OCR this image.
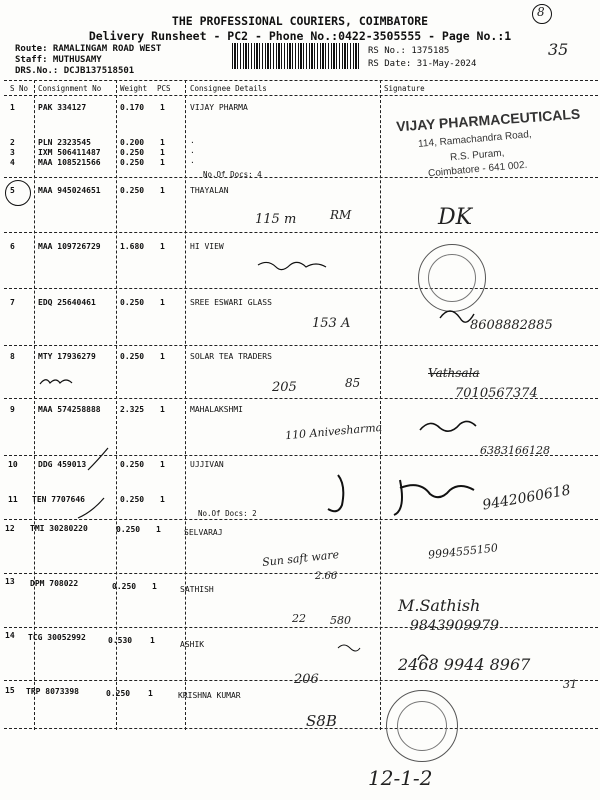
THE PROFESSIONAL COURIERS, COIMBATORE
Delivery Runsheet - PC2 - Phone No.:0422-3505555 - Page No.:1
Route: RAMALINGAM ROAD WEST
Staff: MUTHUSAMY
DRS.No.: DCJB137518501
RS No.: 1375185
RS Date: 31-May-2024
8
35
S No Consignment No	Weight PCS	Consignee Details	Signature
1	PAK 334127	0.170 1	VIJAY PHARMA
2	PLN 2323545	0.200 1	.
3	IXM 506411487 0.250 1	.
4	MAA 108521566 0.250 1	.
No.Of Docs: 4
5	MAA 945024651 0.250 1	THAYALAN
6	MAA 109726729 1.680 1	HI VIEW
7	EDQ 25640461	0.250 1	SREE ESWARI GLASS
8	MTY 17936279	0.250 1	SOLAR TEA TRADERS
9	MAA 574258888 2.325 1	MAHALAKSHMI
10	DDG 459013	0.250 1	UJJIVAN
11 TEN 7707646	0.250 1
No.Of Docs: 2
12 TMI 30280220	0.250 1	SELVARAJ
13 DPM 708022	0.250 1	SATHISH
14 TCG 30052992	0.530 1	ASHIK
15 TRP 8073398	0.250 1	KRISHNA KUMAR
VIJAY PHARMACEUTICALS
114, Ramachandra Road,
R.S. Puram,
Coimbatore - 641 002.
115 m	RM	DK
153 A	8608882885
205	85
Vathsala
7010567374
110 Anivesharma
6383166128
9442060618
Sun saft ware
2.66
9994555150
22 580
M.Sathish
9843909979
206
2468 9944 8967
31
S8B
12-1-2
